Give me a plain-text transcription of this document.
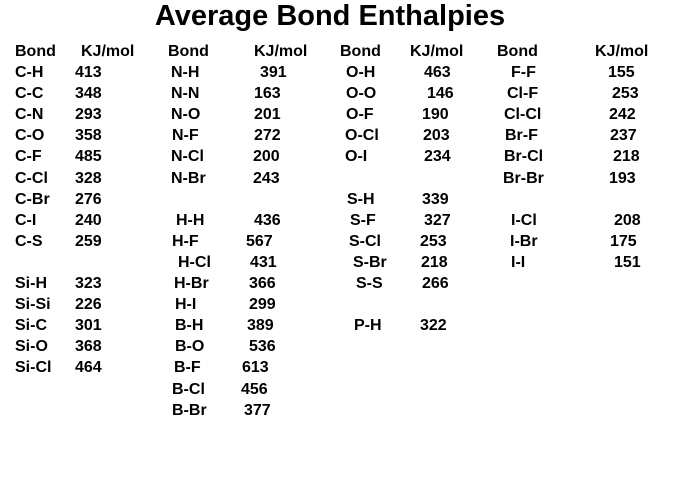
Average Bond Enthalpies
Bond KJ/mol
C-H 413
C-C 348
C-N 293
C-O 358
C-F 485
C-Cl 328
C-Br 276
C-I 240
C-S 259
Si-H 323
Si-Si 226
Si-C 301
Si-O 368
Si-Cl 464
Bond	KJ/mol
N-H	391
N-N	163
N-O	201
N-F	272
N-Cl	200
N-Br	243
H-H	436
H-F	567
H-Cl 431
H-Br	366
H-I	299
B-H	389
B-O	536
B-F	613
B-Cl 456
B-Br 377
Bond KJ/mol
O-H	463
O-O	146
O-F	190
O-Cl	203
O-I	234
S-H	339
S-F	327
S-Cl 253
S-Br 218
S-S 266
P-H 322
Bond	KJ/mol
F-F	155
Cl-F	253
Cl-Cl	242
Br-F	237
Br-Cl	218
Br-Br	193
I-Cl	208
I-Br	175
I-I	151
